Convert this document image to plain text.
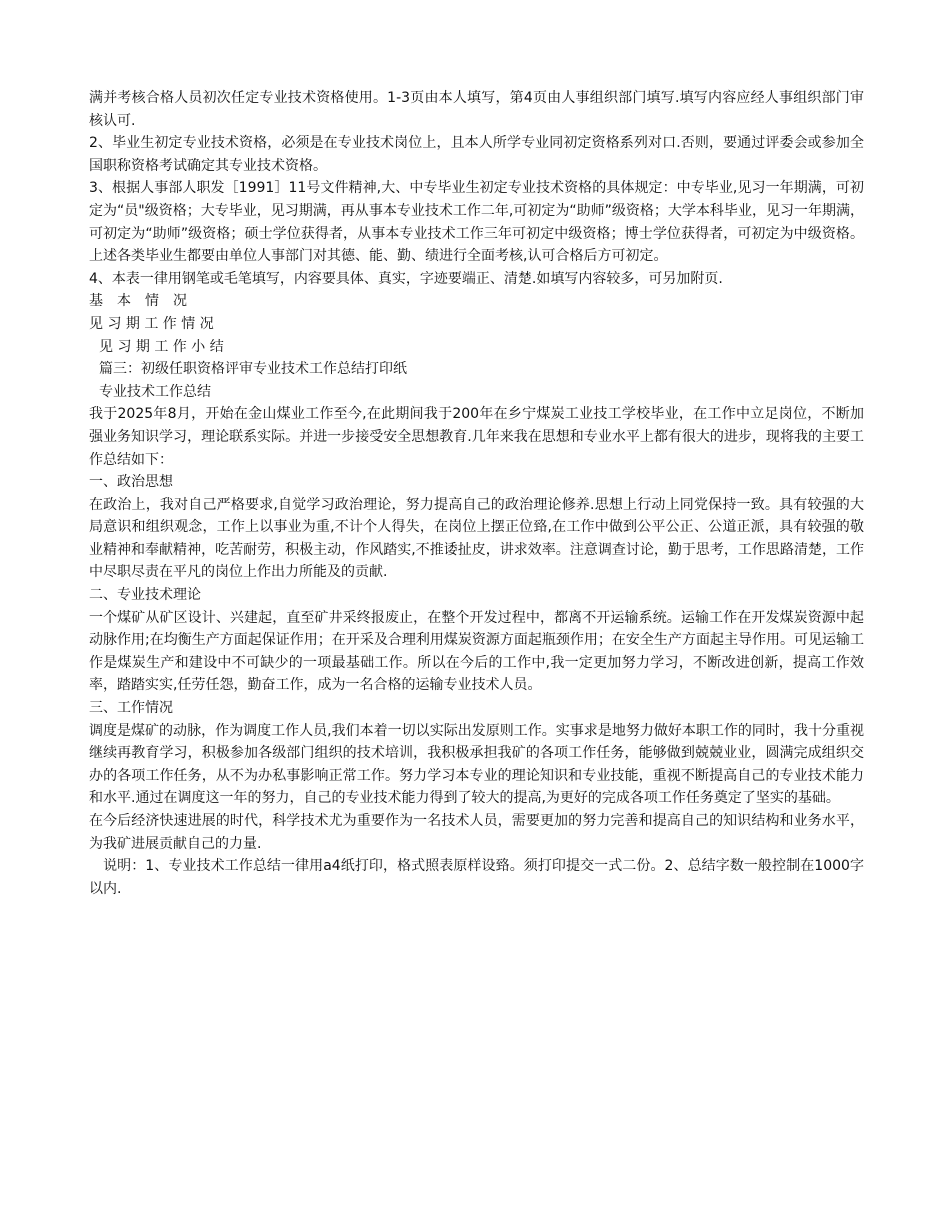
满并考核合格人员初次任定专业技术资格使用。1-3页由本人填写，第4页由人事组织部门填写.填写内容应经人事组织部门审核认可.

2、毕业生初定专业技术资格，必须是在专业技术岗位上，且本人所学专业同初定资格系列对口.否则，要通过评委会或参加全国职称资格考试确定其专业技术资格。

3、根据人事部人职发［1991］11号文件精神,大、中专毕业生初定专业技术资格的具体规定：中专毕业,见习一年期满，可初定为“员"级资格；大专毕业，见习期满，再从事本专业技术工作二年,可初定为“助师”级资格；大学本科毕业，见习一年期满，可初定为“助师”级资格；硕士学位获得者，从事本专业技术工作三年可初定中级资格；博士学位获得者，可初定为中级资格。上述各类毕业生都要由单位人事部门对其德、能、勤、绩进行全面考核,认可合格后方可初定。

4、本表一律用钢笔或毛笔填写，内容要具体、真实，字迹要端正、清楚.如填写内容较多，可另加附页.

基　本　情　况

见 习 期 工 作 情 况

见 习 期 工 作 小 结

篇三：初级任职资格评审专业技术工作总结打印纸

专业技术工作总结

我于2025年8月，开始在金山煤业工作至今,在此期间我于200年在乡宁煤炭工业技工学校毕业，在工作中立足岗位，不断加强业务知识学习，理论联系实际。并进一步接受安全思想教育.几年来我在思想和专业水平上都有很大的进步，现将我的主要工作总结如下：

一、政治思想

在政治上，我对自己严格要求,自觉学习政治理论，努力提高自己的政治理论修养.思想上行动上同党保持一致。具有较强的大局意识和组织观念，工作上以事业为重,不计个人得失，在岗位上摆正位臵,在工作中做到公平公正、公道正派，具有较强的敬业精神和奉献精神，吃苦耐劳，积极主动，作风踏实,不推诿扯皮，讲求效率。注意调查讨论，勤于思考，工作思路清楚，工作中尽职尽责在平凡的岗位上作出力所能及的贡献.

二、专业技术理论

一个煤矿从矿区设计、兴建起，直至矿井采终报废止，在整个开发过程中，都离不开运输系统。运输工作在开发煤炭资源中起动脉作用;在均衡生产方面起保证作用；在开采及合理利用煤炭资源方面起瓶颈作用；在安全生产方面起主导作用。可见运输工作是煤炭生产和建设中不可缺少的一项最基础工作。所以在今后的工作中,我一定更加努力学习，不断改进创新，提高工作效率，踏踏实实,任劳任怨，勤奋工作，成为一名合格的运输专业技术人员。

三、工作情况

调度是煤矿的动脉，作为调度工作人员,我们本着一切以实际出发原则工作。实事求是地努力做好本职工作的同时，我十分重视继续再教育学习，积极参加各级部门组织的技术培训，我积极承担我矿的各项工作任务，能够做到兢兢业业，圆满完成组织交办的各项工作任务，从不为办私事影响正常工作。努力学习本专业的理论知识和专业技能，重视不断提高自己的专业技术能力和水平.通过在调度这一年的努力，自己的专业技术能力得到了较大的提高,为更好的完成各项工作任务奠定了坚实的基础。

在今后经济快速进展的时代，科学技术尤为重要作为一名技术人员，需要更加的努力完善和提高自己的知识结构和业务水平，为我矿进展贡献自己的力量.

　说明：1、专业技术工作总结一律用a4纸打印，格式照表原样设臵。须打印提交一式二份。2、总结字数一般控制在1000字以内.
